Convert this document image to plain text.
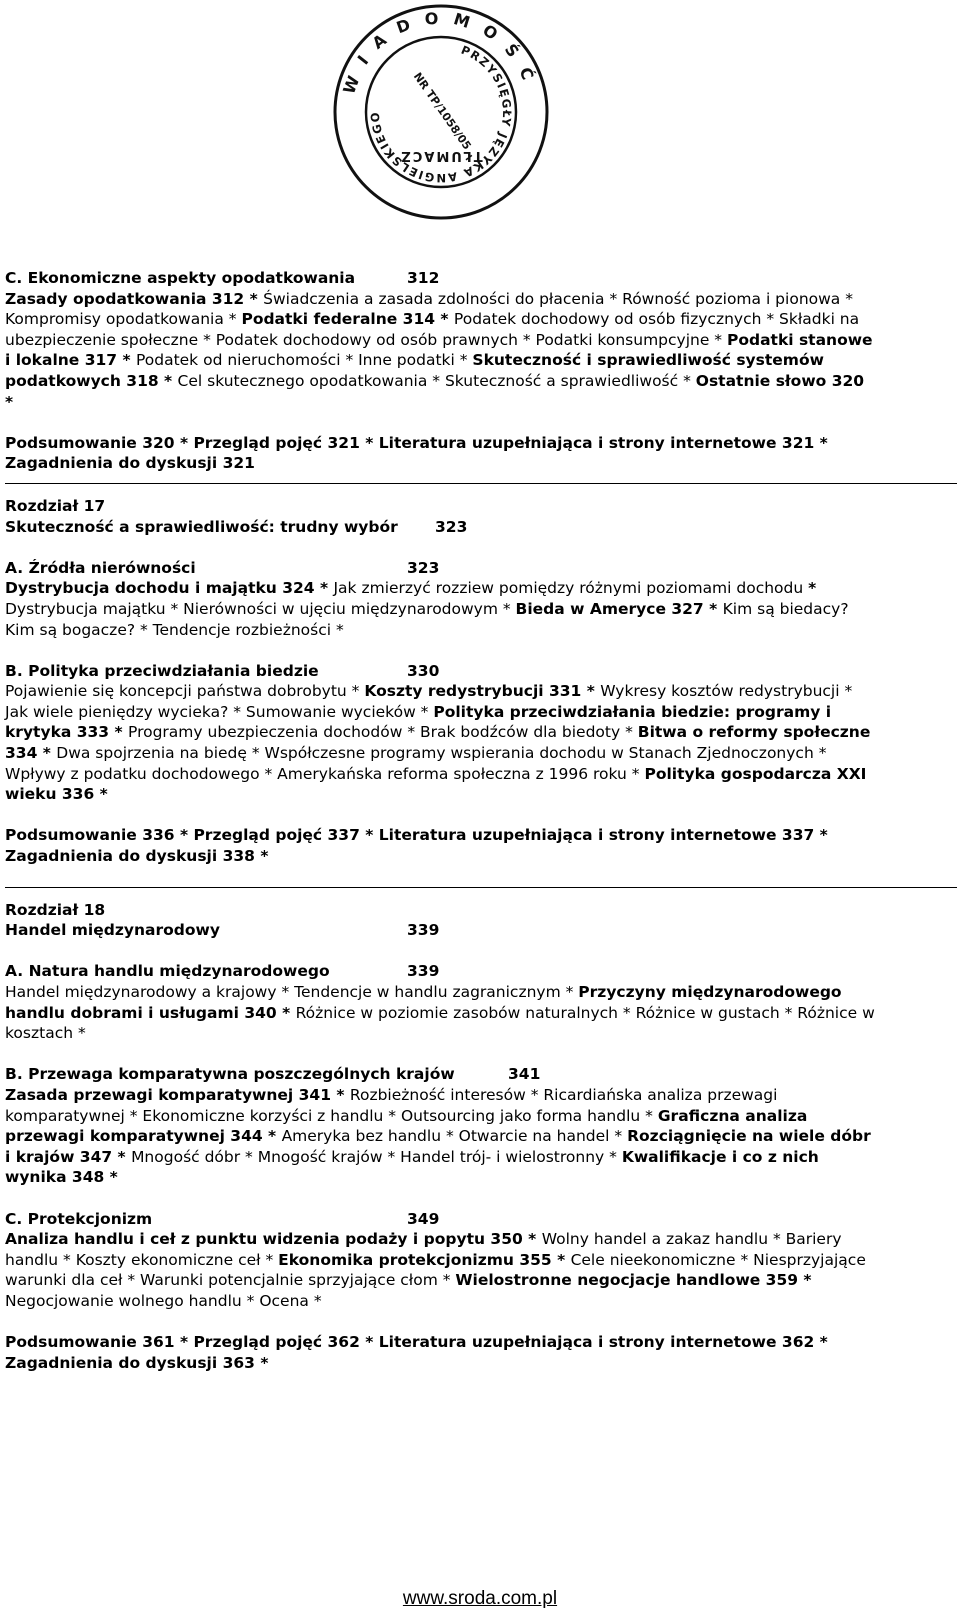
WIADOMOŚĆ
PRZYSIĘGŁY JĘZYKA ANGIELSKIEGO	NR TP/1058/05
TŁUMACZ
C. Ekonomiczne aspekty opodatkowania	312

Zasady opodatkowania 312 * Świadczenia a zasada zdolności do płacenia * Równość pozioma i pionowa *

Kompromisy opodatkowania * Podatki federalne 314 * Podatek dochodowy od osób fizycznych * Składki na

ubezpieczenie społeczne * Podatek dochodowy od osób prawnych * Podatki konsumpcyjne * Podatki stanowe

i lokalne 317 * Podatek od nieruchomości * Inne podatki * Skuteczność i sprawiedliwość systemów

podatkowych 318 * Cel skutecznego opodatkowania * Skuteczność a sprawiedliwość * Ostatnie słowo 320

*

Podsumowanie 320 * Przegląd pojęć 321 * Literatura uzupełniająca i strony internetowe 321 *

Zagadnienia do dyskusji 321

Rozdział 17

Skuteczność a sprawiedliwość: trudny wybór 323
A. Źródła nierówności	323

Dystrybucja dochodu i majątku 324 * Jak zmierzyć rozziew pomiędzy różnymi poziomami dochodu *

Dystrybucja majątku * Nierówności w ujęciu międzynarodowym * Bieda w Ameryce 327 * Kim są biedacy?

Kim są bogacze? * Tendencje rozbieżności *

B. Polityka przeciwdziałania biedzie	330

Pojawienie się koncepcji państwa dobrobytu * Koszty redystrybucji 331 * Wykresy kosztów redystrybucji *

Jak wiele pieniędzy wycieka? * Sumowanie wycieków * Polityka przeciwdziałania biedzie: programy i

krytyka 333 * Programy ubezpieczenia dochodów * Brak bodźców dla biedoty * Bitwa o reformy społeczne

334 * Dwa spojrzenia na biedę * Współczesne programy wspierania dochodu w Stanach Zjednoczonych *

Wpływy z podatku dochodowego * Amerykańska reforma społeczna z 1996 roku * Polityka gospodarcza XXI

wieku 336 *

Podsumowanie 336 * Przegląd pojęć 337 * Literatura uzupełniająca i strony internetowe 337 *

Zagadnienia do dyskusji 338 *

Rozdział 18

Handel międzynarodowy	339
A. Natura handlu międzynarodowego	339

Handel międzynarodowy a krajowy * Tendencje w handlu zagranicznym * Przyczyny międzynarodowego

handlu dobrami i usługami 340 * Różnice w poziomie zasobów naturalnych * Różnice w gustach * Różnice w

kosztach *

B. Przewaga komparatywna poszczególnych krajów	341

Zasada przewagi komparatywnej 341 * Rozbieżność interesów * Ricardiańska analiza przewagi

komparatywnej * Ekonomiczne korzyści z handlu * Outsourcing jako forma handlu * Graficzna analiza

przewagi komparatywnej 344 * Ameryka bez handlu * Otwarcie na handel * Rozciągnięcie na wiele dóbr

i krajów 347 * Mnogość dóbr * Mnogość krajów * Handel trój- i wielostronny * Kwalifikacje i co z nich

wynika 348 *

C. Protekcjonizm	349

Analiza handlu i ceł z punktu widzenia podaży i popytu 350 * Wolny handel a zakaz handlu * Bariery

handlu * Koszty ekonomiczne ceł * Ekonomika protekcjonizmu 355 * Cele nieekonomiczne * Niesprzyjające

warunki dla ceł * Warunki potencjalnie sprzyjające cłom * Wielostronne negocjacje handlowe 359 *

Negocjowanie wolnego handlu * Ocena *

Podsumowanie 361 * Przegląd pojęć 362 * Literatura uzupełniająca i strony internetowe 362 *

Zagadnienia do dyskusji 363 *

www.sroda.com.pl
